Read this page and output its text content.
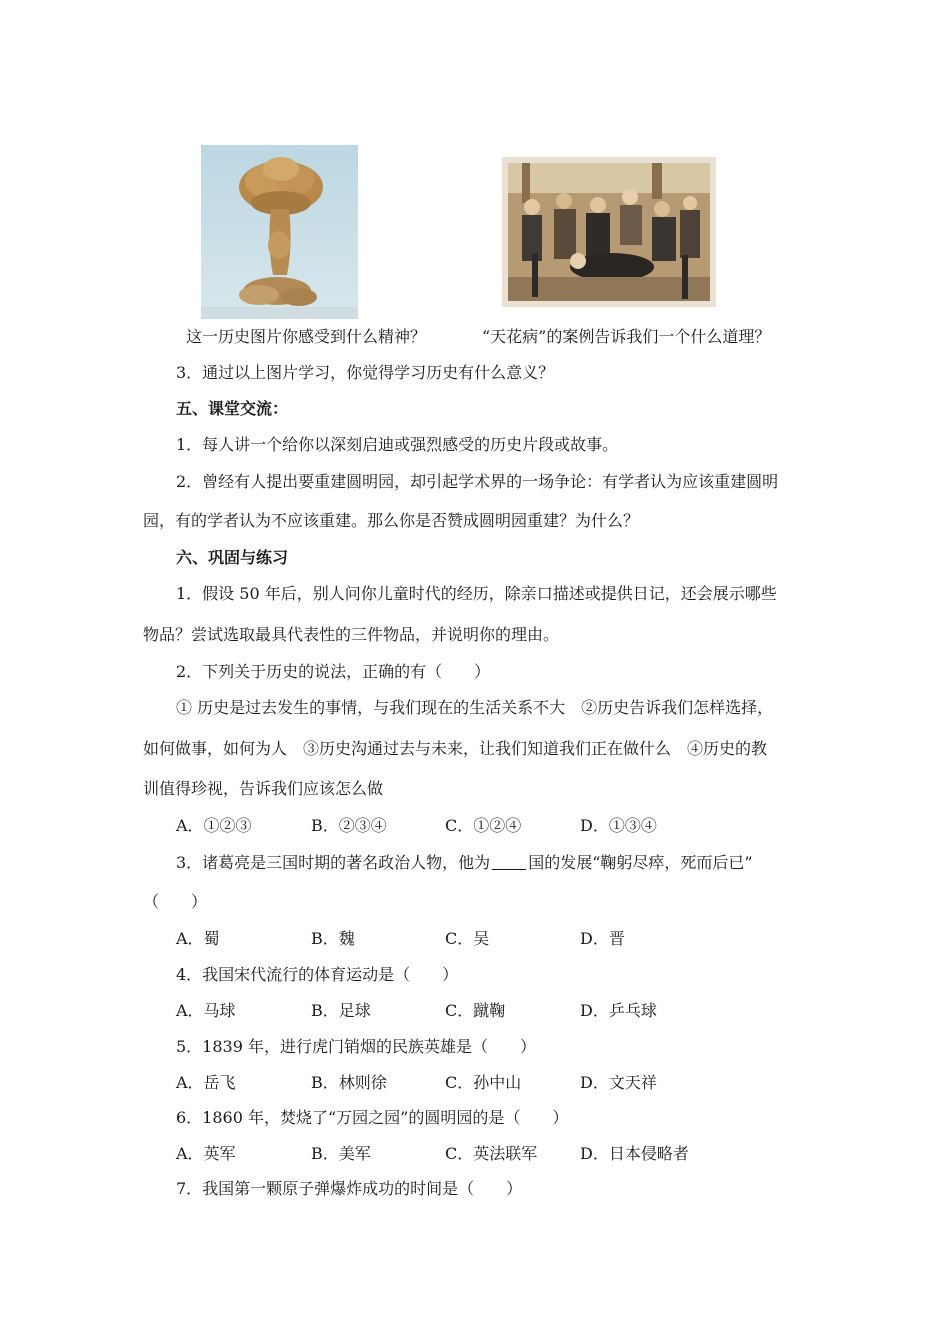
这一历史图片你感受到什么精神？	“天花病”的案例告诉我们一个什么道理？
3．通过以上图片学习，你觉得学习历史有什么意义？
五、课堂交流：
1．每人讲一个给你以深刻启迪或强烈感受的历史片段或故事。
2．曾经有人提出要重建圆明园，却引起学术界的一场争论：有学者认为应该重建圆明
园，有的学者认为不应该重建。那么你是否赞成圆明园重建？为什么？
六、巩固与练习
1．假设 50 年后，别人问你儿童时代的经历，除亲口描述或提供日记，还会展示哪些
物品？尝试选取最具代表性的三件物品，并说明你的理由。
2．下列关于历史的说法，正确的有（　　）
① 历史是过去发生的事情，与我们现在的生活关系不大　②历史告诉我们怎样选择，
如何做事，如何为人　③历史沟通过去与未来，让我们知道我们正在做什么　④历史的教
训值得珍视，告诉我们应该怎么做
A．①②③	B．②③④	C．①②④	D．①③④
3．诸葛亮是三国时期的著名政治人物，他为 国的发展“鞠躬尽瘁，死而后已”
（　　）
A．蜀	B．魏	C．吴	D．晋
4．我国宋代流行的体育运动是（　　）
A．马球	B．足球	C．蹴鞠	D．乒乓球
5．1839 年，进行虎门销烟的民族英雄是（　　）
A．岳飞	B．林则徐	C．孙中山	D．文天祥
6．1860 年，焚烧了“万园之园”的圆明园的是（　　）
A．英军	B．美军	C．英法联军	D．日本侵略者
7．我国第一颗原子弹爆炸成功的时间是（　　）
